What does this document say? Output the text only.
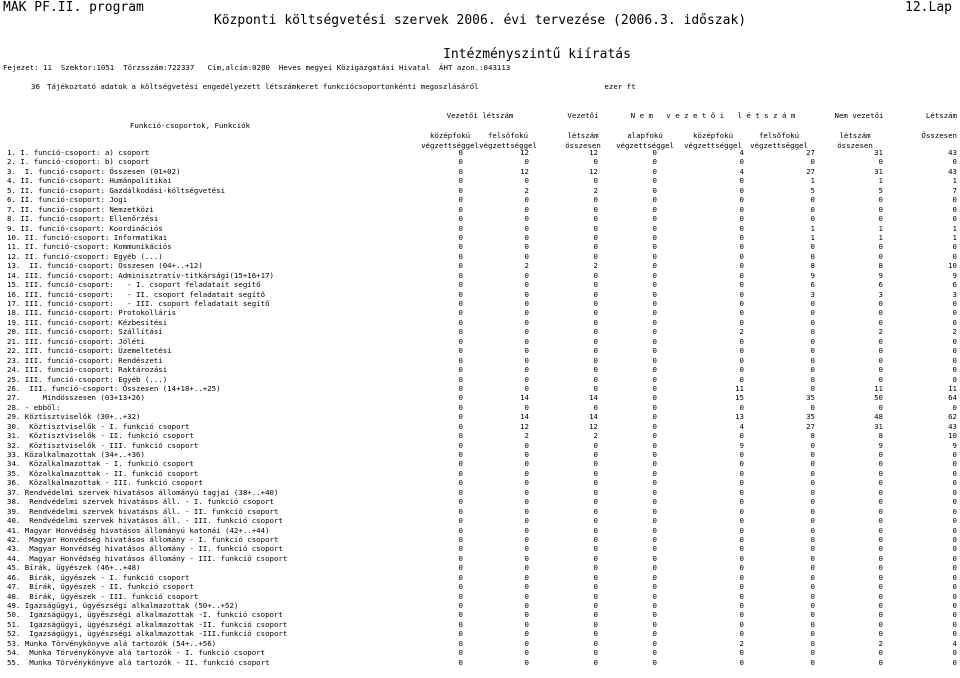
MÁK PF.II. program	12.Lap
Központi költségvetési szervek 2006. évi tervezése (2006.3. időszak)
Intézményszintű kiíratás
Fejezet: 11  Szektor:1051  Törzsszám:722337   Cím,alcím:0200  Heves megyei Közigazgatási Hivatal  ÁHT azon.:043113
36 Tájékoztató adatok a költségvetési engedélyezett létszámkeret funkciócsoportonkénti megoszlásáról	ezer ft
Vezetői létszám	Vezetői	N e m   v e z e t ő i   l é t s z á m	Nem vezetői	Létszám
Funkció-csoportok, Funkciók
középfokú felsőfokú	létszám	alapfokú	középfokú	felsőfokú	létszám	Összesen
végzettséggel végzettséggel	összesen végzettséggel végzettséggel végzettséggel	összesen
1. I. funció-csoport: a) csoport	0	12	12	0	4	27	31	43
2. I. funció-csoport: b) csoport	0	0	0	0	0	0	0	0
3.  I. funció-csoport: Összesen (01+02)	0	12	12	0	4	27	31	43
4. II. funció-csoport: Humánpolitikai	0	0	0	0	0	1	1	1
5. II. funció-csoport: Gazdálkodási-költségvetési	0	2	2	0	0	5	5	7
6. II. funció-csoport: Jogi	0	0	0	0	0	0	0	0
7. II. funció-csoport: Nemzetközi	0	0	0	0	0	0	0	0
8. II. funció-csoport: Ellenőrzési	0	0	0	0	0	0	0	0
9. II. funció-csoport: Koordinációs	0	0	0	0	0	1	1	1
10. II. funció-csoport: Informatikai	0	0	0	0	0	1	1	1
11. II. funció-csoport: Kommunikációs	0	0	0	0	0	0	0	0
12. II. funció-csoport: Egyéb (...)	0	0	0	0	0	0	0	0
13.  II. funció-csoport: Összesen (04+..+12)	0	2	2	0	0	8	8	10
14. III. funció-csoport: Adminisztratív-titkársági(15+16+17)	0	0	0	0	0	9	9	9
15. III. funció-csoport:   - I. csoport feladatait segítő	0	0	0	0	0	6	6	6
16. III. funció-csoport:   - II. csoport feladatait segítő	0	0	0	0	0	3	3	3
17. III. funció-csoport:   - III. csoport feladatait segítő	0	0	0	0	0	0	0	0
18. III. funció-csoport: Protokolláris	0	0	0	0	0	0	0	0
19. III. funció-csoport: Kézbesítési	0	0	0	0	0	0	0	0
20. III. funció-csoport: Szállítási	0	0	0	0	2	0	2	2
21. III. funció-csoport: Jóléti	0	0	0	0	0	0	0	0
22. III. funció-csoport: Üzemeltetési	0	0	0	0	0	0	0	0
23. III. funció-csoport: Rendészeti	0	0	0	0	0	0	0	0
24. III. funció-csoport: Raktározási	0	0	0	0	0	0	0	0
25. III. funció-csoport: Egyéb (...)	0	0	0	0	0	0	0	0
26.  III. funció-csoport: Összesen (14+18+..+25)	0	0	0	0	11	0	11	11
27.     Mindösszesen (03+13+26)	0	14	14	0	15	35	50	64
28. - ebből:	0	0	0	0	0	0	0	0
29. Köztisztviselők (30+..+32)	0	14	14	0	13	35	48	62
30.  Köztisztviselők - I. funkció csoport	0	12	12	0	4	27	31	43
31.  Köztisztviselők - II. funkció csoport	0	2	2	0	0	8	8	10
32.  Köztisztviselők - III. funkció csoport	0	0	0	0	9	0	9	9
33. Közalkalmazottak (34+..+36)	0	0	0	0	0	0	0	0
34.  Közalkalmazottak - I. funkció csoport	0	0	0	0	0	0	0	0
35.  Közalkalmazottak - II. funkció csoport	0	0	0	0	0	0	0	0
36.  Közalkalmazottak - III. funkció csoport	0	0	0	0	0	0	0	0
37. Rendvédelmi szervek hivatásos állományú tagjai (38+..+40)	0	0	0	0	0	0	0	0
38.  Rendvédelmi szervek hivatásos áll. - I. funkció csoport	0	0	0	0	0	0	0	0
39.  Rendvédelmi szervek hivatásos áll. - II. funkció csoport	0	0	0	0	0	0	0	0
40.  Rendvédelmi szervek hivatásos áll. - III. funkció csoport	0	0	0	0	0	0	0	0
41. Magyar Honvédség hivatásos állományú katonái (42+..+44)	0	0	0	0	0	0	0	0
42.  Magyar Honvédség hivatásos állomány - I. funkció csoport	0	0	0	0	0	0	0	0
43.  Magyar Honvédség hivatásos állomány - II. funkció csoport	0	0	0	0	0	0	0	0
44.  Magyar Honvédség hivatásos állomány - III. funkció csoport	0	0	0	0	0	0	0	0
45. Bírák, ügyészek (46+..+48)	0	0	0	0	0	0	0	0
46.  Bírák, ügyészek - I. funkció csoport	0	0	0	0	0	0	0	0
47.  Bírák, ügyészek - II. funkció csoport	0	0	0	0	0	0	0	0
48.  Bírák, ügyészek - III. funkció csoport	0	0	0	0	0	0	0	0
49. Igazságügyi, ügyészségi alkalmazottak (50+..+52)	0	0	0	0	0	0	0	0
50.  Igazságügyi, ügyészségi alkalmazottak -I. funkció csoport	0	0	0	0	0	0	0	0
51.  Igazságügyi, ügyészségi alkalmazottak -II. funkció csoport	0	0	0	0	0	0	0	0
52.  Igazságügyi, ügyészségi alkalmazottak -III.funkció csoport	0	0	0	0	0	0	0	0
53. Munka Törvénykönyve alá tartozók (54+..+56)	0	0	0	0	2	0	2	4
54.  Munka Törvénykönyve alá tartozók - I. funkció csoport	0	0	0	0	0	0	0	0
55.  Munka Törvénykönyve alá tartozók - II. funkció csoport	0	0	0	0	0	0	0	0
